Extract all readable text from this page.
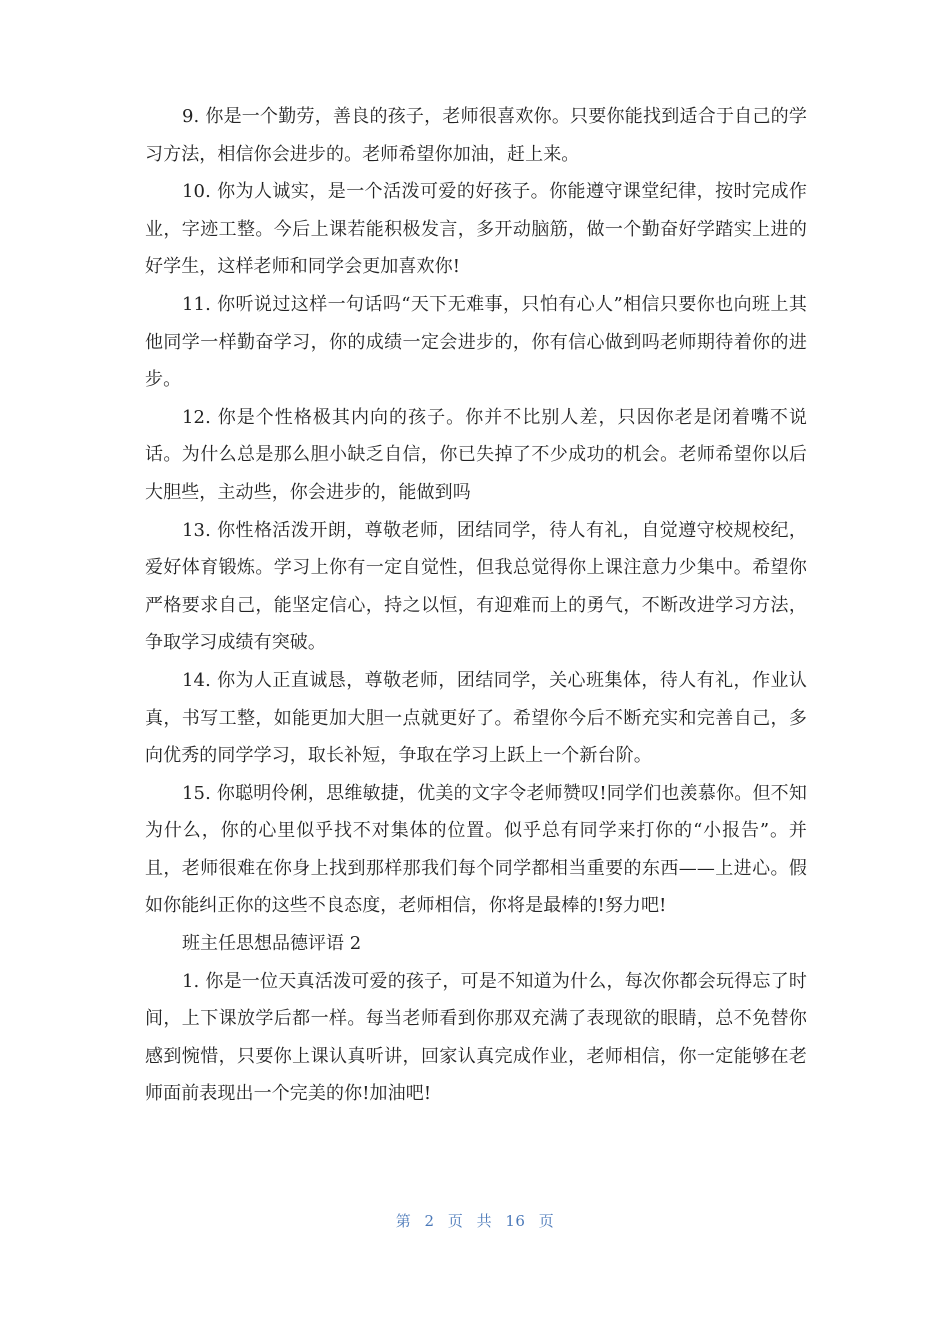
9. 你是一个勤劳，善良的孩子，老师很喜欢你。只要你能找到适合于自己的学习方法，相信你会进步的。老师希望你加油，赶上来。

10. 你为人诚实，是一个活泼可爱的好孩子。你能遵守课堂纪律，按时完成作业，字迹工整。今后上课若能积极发言，多开动脑筋，做一个勤奋好学踏实上进的好学生，这样老师和同学会更加喜欢你!

11. 你听说过这样一句话吗“天下无难事，只怕有心人”相信只要你也向班上其他同学一样勤奋学习，你的成绩一定会进步的，你有信心做到吗老师期待着你的进步。

12. 你是个性格极其内向的孩子。你并不比别人差，只因你老是闭着嘴不说话。为什么总是那么胆小缺乏自信，你已失掉了不少成功的机会。老师希望你以后大胆些，主动些，你会进步的，能做到吗

13. 你性格活泼开朗，尊敬老师，团结同学，待人有礼，自觉遵守校规校纪，爱好体育锻炼。学习上你有一定自觉性，但我总觉得你上课注意力少集中。希望你严格要求自己，能坚定信心，持之以恒，有迎难而上的勇气，不断改进学习方法，争取学习成绩有突破。

14. 你为人正直诚恳，尊敬老师，团结同学，关心班集体，待人有礼，作业认真，书写工整，如能更加大胆一点就更好了。希望你今后不断充实和完善自己，多向优秀的同学学习，取长补短，争取在学习上跃上一个新台阶。

15. 你聪明伶俐，思维敏捷，优美的文字令老师赞叹!同学们也羡慕你。但不知为什么，你的心里似乎找不对集体的位置。似乎总有同学来打你的“小报告”。并且，老师很难在你身上找到那样那我们每个同学都相当重要的东西——上进心。假如你能纠正你的这些不良态度，老师相信，你将是最棒的!努力吧!

班主任思想品德评语 2

1. 你是一位天真活泼可爱的孩子，可是不知道为什么，每次你都会玩得忘了时间，上下课放学后都一样。每当老师看到你那双充满了表现欲的眼睛，总不免替你感到惋惜，只要你上课认真听讲，回家认真完成作业，老师相信，你一定能够在老师面前表现出一个完美的你!加油吧!

第 2 页 共 16 页
